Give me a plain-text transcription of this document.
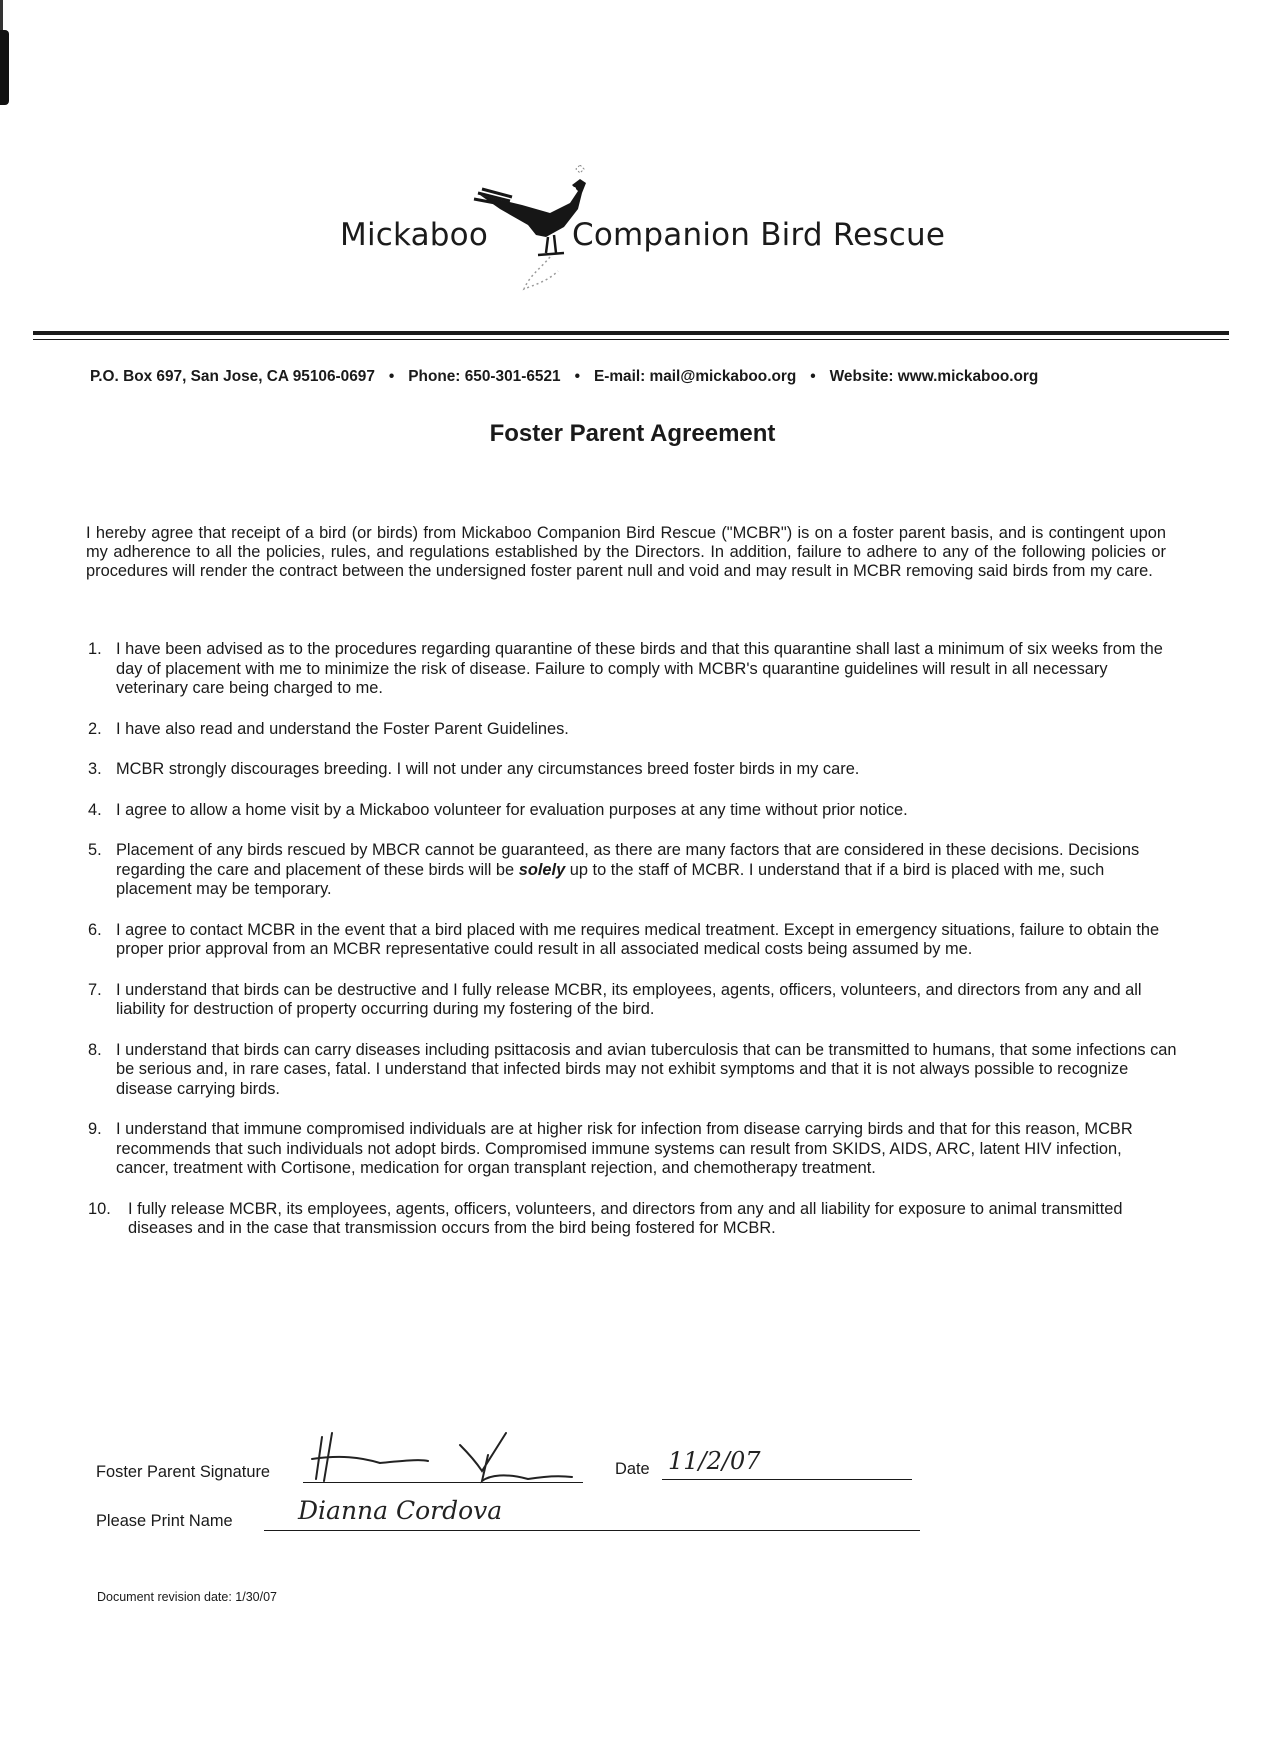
Mickaboo	Companion Bird Rescue
P.O. Box 697, San Jose, CA 95106-0697 • Phone: 650-301-6521 • E-mail: mail@mickaboo.org • Website: www.mickaboo.org
Foster Parent Agreement

I hereby agree that receipt of a bird (or birds) from Mickaboo Companion Bird Rescue ("MCBR") is on a foster parent basis, and is contingent upon my adherence to all the policies, rules, and regulations established by the Directors. In addition, failure to adhere to any of the following policies or procedures will render the contract between the undersigned foster parent null and void and may result in MCBR removing said birds from my care.

1. I have been advised as to the procedures regarding quarantine of these birds and that this quarantine shall last a minimum of six weeks from the day of placement with me to minimize the risk of disease. Failure to comply with MCBR's quarantine guidelines will result in all necessary veterinary care being charged to me.
2. I have also read and understand the Foster Parent Guidelines.
3. MCBR strongly discourages breeding. I will not under any circumstances breed foster birds in my care.
4. I agree to allow a home visit by a Mickaboo volunteer for evaluation purposes at any time without prior notice.
5. Placement of any birds rescued by MBCR cannot be guaranteed, as there are many factors that are considered in these decisions. Decisions regarding the care and placement of these birds will be solely up to the staff of MCBR. I understand that if a bird is placed with me, such placement may be temporary.
6. I agree to contact MCBR in the event that a bird placed with me requires medical treatment. Except in emergency situations, failure to obtain the proper prior approval from an MCBR representative could result in all associated medical costs being assumed by me.
7. I understand that birds can be destructive and I fully release MCBR, its employees, agents, officers, volunteers, and directors from any and all liability for destruction of property occurring during my fostering of the bird.
8. I understand that birds can carry diseases including psittacosis and avian tuberculosis that can be transmitted to humans, that some infections can be serious and, in rare cases, fatal. I understand that infected birds may not exhibit symptoms and that it is not always possible to recognize disease carrying birds.
9. I understand that immune compromised individuals are at higher risk for infection from disease carrying birds and that for this reason, MCBR recommends that such individuals not adopt birds. Compromised immune systems can result from SKIDS, AIDS, ARC, latent HIV infection, cancer, treatment with Cortisone, medication for organ transplant rejection, and chemotherapy treatment.
10. I fully release MCBR, its employees, agents, officers, volunteers, and directors from any and all liability for exposure to animal transmitted diseases and in the case that transmission occurs from the bird being fostered for MCBR.
Foster Parent Signature	Date 11/2/07
Please Print Name	Dianna Cordova
Document revision date: 1/30/07
